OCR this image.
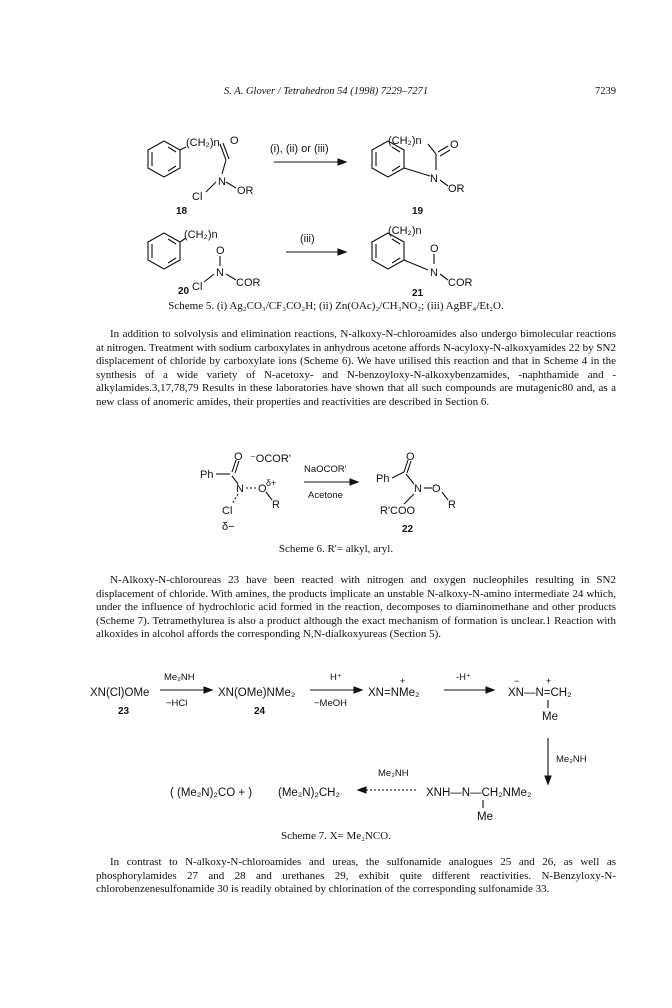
S. A. Glover / Tetrahedron 54 (1998) 7229–7271	7239
(CH₂)n O
N
OR
Cl
18
(i), (ii) or (iii)
(CH₂)n	O
N
OR
19
(CH₂)n
O
N
COR
Cl
20
(iii)
(CH₂)n
O
N
COR
21
Scheme 5. (i) Ag₂CO₃/CF₃CO₂H; (ii) Zn(OAc)₂/CH₃NO₂; (iii) AgBF₄/Et₂O.

In addition to solvolysis and elimination reactions, N-alkoxy-N-chloroamides also undergo bimolecular reactions at nitrogen. Treatment with sodium carboxylates in anhydrous acetone affords N-acyloxy-N-alkoxyamides 22 by SN2 displacement of chloride by carboxylate ions (Scheme 6). We have utilised this reaction and that in Scheme 4 in the synthesis of a wide variety of N-acetoxy- and N-benzoyloxy-N-alkoxybenzamides, -naphthamide and -alkylamides.3,17,78,79 Results in these laboratories have shown that all such compounds are mutagenic80 and, as a new class of anomeric amides, their properties and reactivities are described in Section 6.

Ph
O ⁻OCOR'
N O δ+
R
Cl
δ−
NaOCOR'
Acetone
Ph
O
N O
R
R'COO
22
Scheme 6. R'= alkyl, aryl.

N-Alkoxy-N-chloroureas 23 have been reacted with nitrogen and oxygen nucleophiles resulting in SN2 displacement of chloride. With amines, the products implicate an unstable N-alkoxy-N-amino intermediate 24 which, under the influence of hydrochloric acid formed in the reaction, decomposes to diaminomethane and other products (Scheme 7). Tetramethylurea is also a product although the exact mechanism of formation is unclear.1 Reaction with alkoxides in alcohol affords the corresponding N,N-dialkoxyureas (Section 5).

XN(Cl)OMe
Me₂NH
−HCl
23
XN(OMe)NMe₂
24
H⁺
−MeOH
XN=NMe₂
+	-H⁺
XN—N=CH₂
−	+
Me
Me₂NH
XNH—N—CH₂NMe₂
Me
Me₂NH
(Me₂N)₂CH₂
( (Me₂N)₂CO + )
Scheme 7. X= Me₂NCO.

In contrast to N-alkoxy-N-chloroamides and ureas, the sulfonamide analogues 25 and 26, as well as phosphorylamides 27 and 28 and urethanes 29, exhibit quite different reactivities. N-Benzyloxy-N-chlorobenzenesulfonamide 30 is readily obtained by chlorination of the corresponding sulfonamide 33.
